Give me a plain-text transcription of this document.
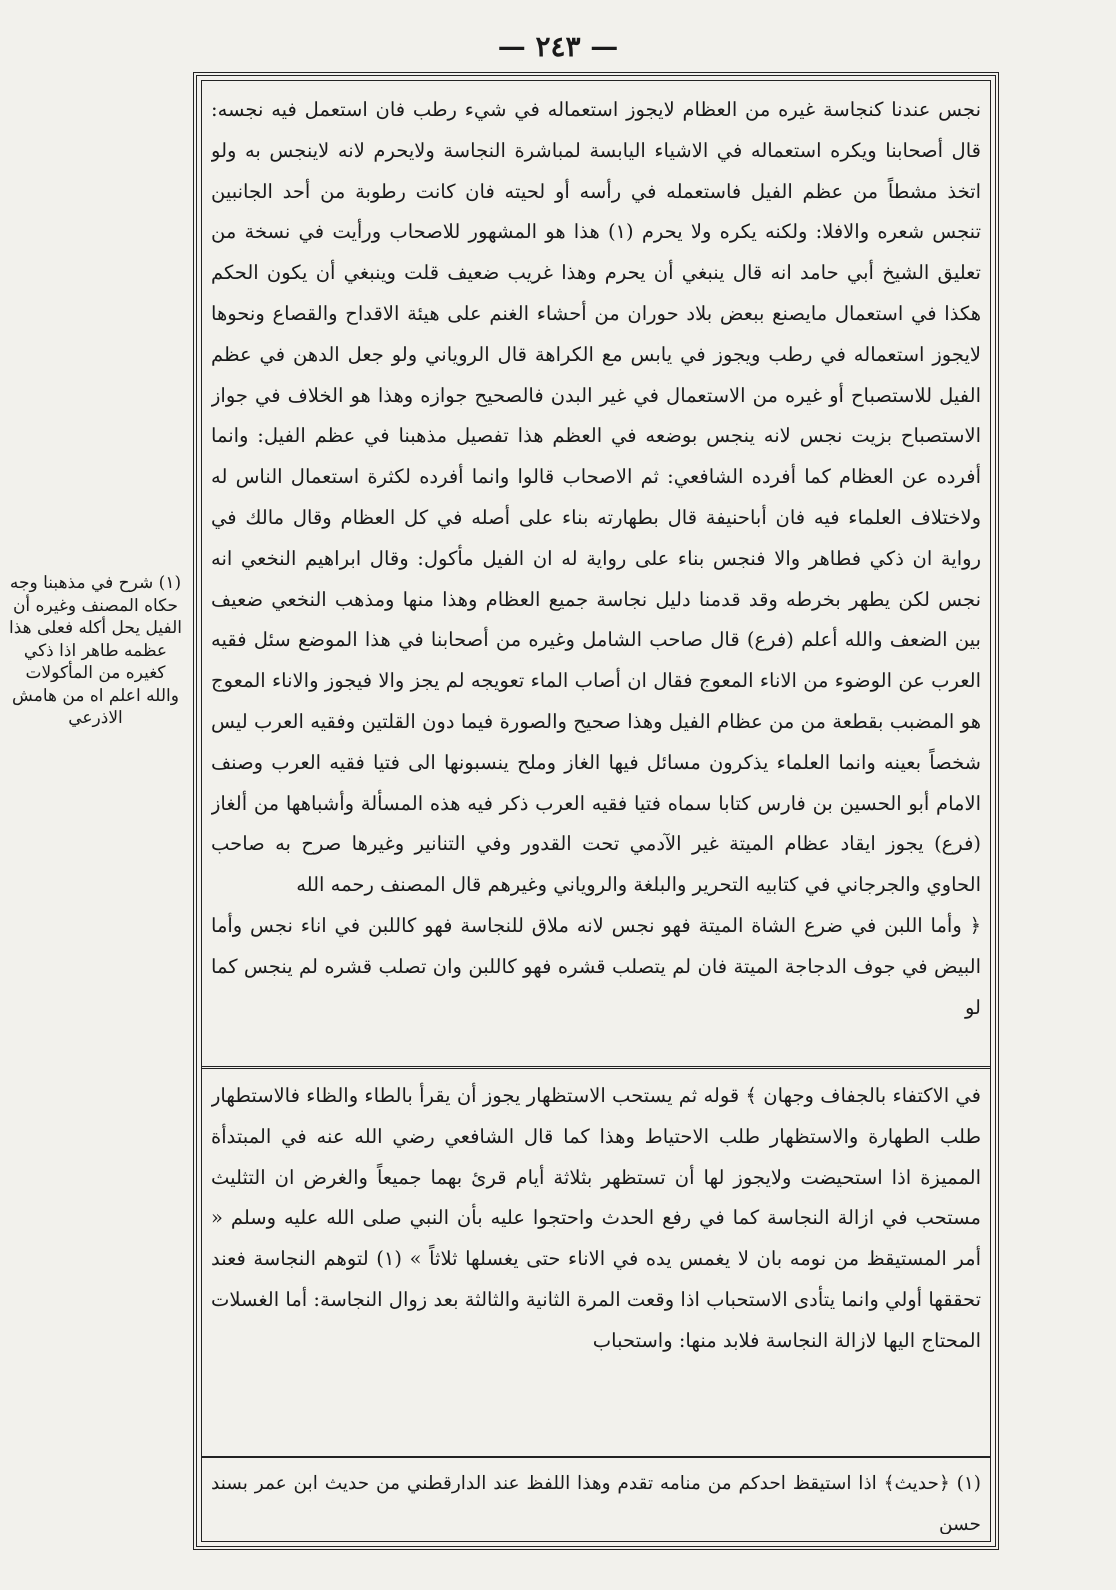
— ٢٤٣ —
(١) شرح في مذهبنا وجه حكاه المصنف وغيره أن الفيل يحل أكله فعلى هذا عظمه طاهر اذا ذكي كغيره من المأكولات والله اعلم اه من هامش الاذرعي

نجس عندنا كنجاسة غيره من العظام لايجوز استعماله في شيء رطب فان استعمل فيه نجسه: قال أصحابنا ويكره استعماله في الاشياء اليابسة لمباشرة النجاسة ولايحرم لانه لاينجس به ولو اتخذ مشطاً من عظم الفيل فاستعمله في رأسه أو لحيته فان كانت رطوبة من أحد الجانبين تنجس شعره والافلا: ولكنه يكره ولا يحرم (١) هذا هو المشهور للاصحاب ورأيت في نسخة من تعليق الشيخ أبي حامد انه قال ينبغي أن يحرم وهذا غريب ضعيف قلت وينبغي أن يكون الحكم هكذا في استعمال مايصنع ببعض بلاد حوران من أحشاء الغنم على هيئة الاقداح والقصاع ونحوها لايجوز استعماله في رطب ويجوز في يابس مع الكراهة قال الروياني ولو جعل الدهن في عظم الفيل للاستصباح أو غيره من الاستعمال في غير البدن فالصحيح جوازه وهذا هو الخلاف في جواز الاستصباح بزيت نجس لانه ينجس بوضعه في العظم هذا تفصيل مذهبنا في عظم الفيل: وانما أفرده عن العظام كما أفرده الشافعي: ثم الاصحاب قالوا وانما أفرده لكثرة استعمال الناس له ولاختلاف العلماء فيه فان أباحنيفة قال بطهارته بناء على أصله في كل العظام وقال مالك في رواية ان ذكي فطاهر والا فنجس بناء على رواية له ان الفيل مأكول: وقال ابراهيم النخعي انه نجس لكن يطهر بخرطه وقد قدمنا دليل نجاسة جميع العظام وهذا منها ومذهب النخعي ضعيف بين الضعف والله أعلم (فرع) قال صاحب الشامل وغيره من أصحابنا في هذا الموضع سئل فقيه العرب عن الوضوء من الاناء المعوج فقال ان أصاب الماء تعويجه لم يجز والا فيجوز والاناء المعوج هو المضبب بقطعة من من عظام الفيل وهذا صحيح والصورة فيما دون القلتين وفقيه العرب ليس شخصاً بعينه وانما العلماء يذكرون مسائل فيها الغاز وملح ينسبونها الى فتيا فقيه العرب وصنف الامام أبو الحسين بن فارس كتابا سماه فتيا فقيه العرب ذكر فيه هذه المسألة وأشباهها من ألغاز (فرع) يجوز ايقاد عظام الميتة غير الآدمي تحت القدور وفي التنانير وغيرها صرح به صاحب الحاوي والجرجاني في كتابيه التحرير والبلغة والروياني وغيرهم قال المصنف رحمه الله

﴿ وأما اللبن في ضرع الشاة الميتة فهو نجس لانه ملاق للنجاسة فهو كاللبن في اناء نجس وأما البيض في جوف الدجاجة الميتة فان لم يتصلب قشره فهو كاللبن وان تصلب قشره لم ينجس كما لو

في الاكتفاء بالجفاف وجهان ﴾ قوله ثم يستحب الاستظهار يجوز أن يقرأ بالطاء والظاء فالاستطهار طلب الطهارة والاستظهار طلب الاحتياط وهذا كما قال الشافعي رضي الله عنه في المبتدأة المميزة اذا استحيضت ولايجوز لها أن تستظهر بثلاثة أيام قرئ بهما جميعاً والغرض ان التثليث مستحب في ازالة النجاسة كما في رفع الحدث واحتجوا عليه بأن النبي صلى الله عليه وسلم « أمر المستيقظ من نومه بان لا يغمس يده في الاناء حتى يغسلها ثلاثاً » (١) لتوهم النجاسة فعند تحققها أولي وانما يتأدى الاستحباب اذا وقعت المرة الثانية والثالثة بعد زوال النجاسة: أما الغسلات المحتاج اليها لازالة النجاسة فلابد منها: واستحباب

(١) ﴿حديث﴾ اذا استيقظ احدكم من منامه تقدم وهذا اللفظ عند الدارقطني من حديث ابن عمر بسند حسن
